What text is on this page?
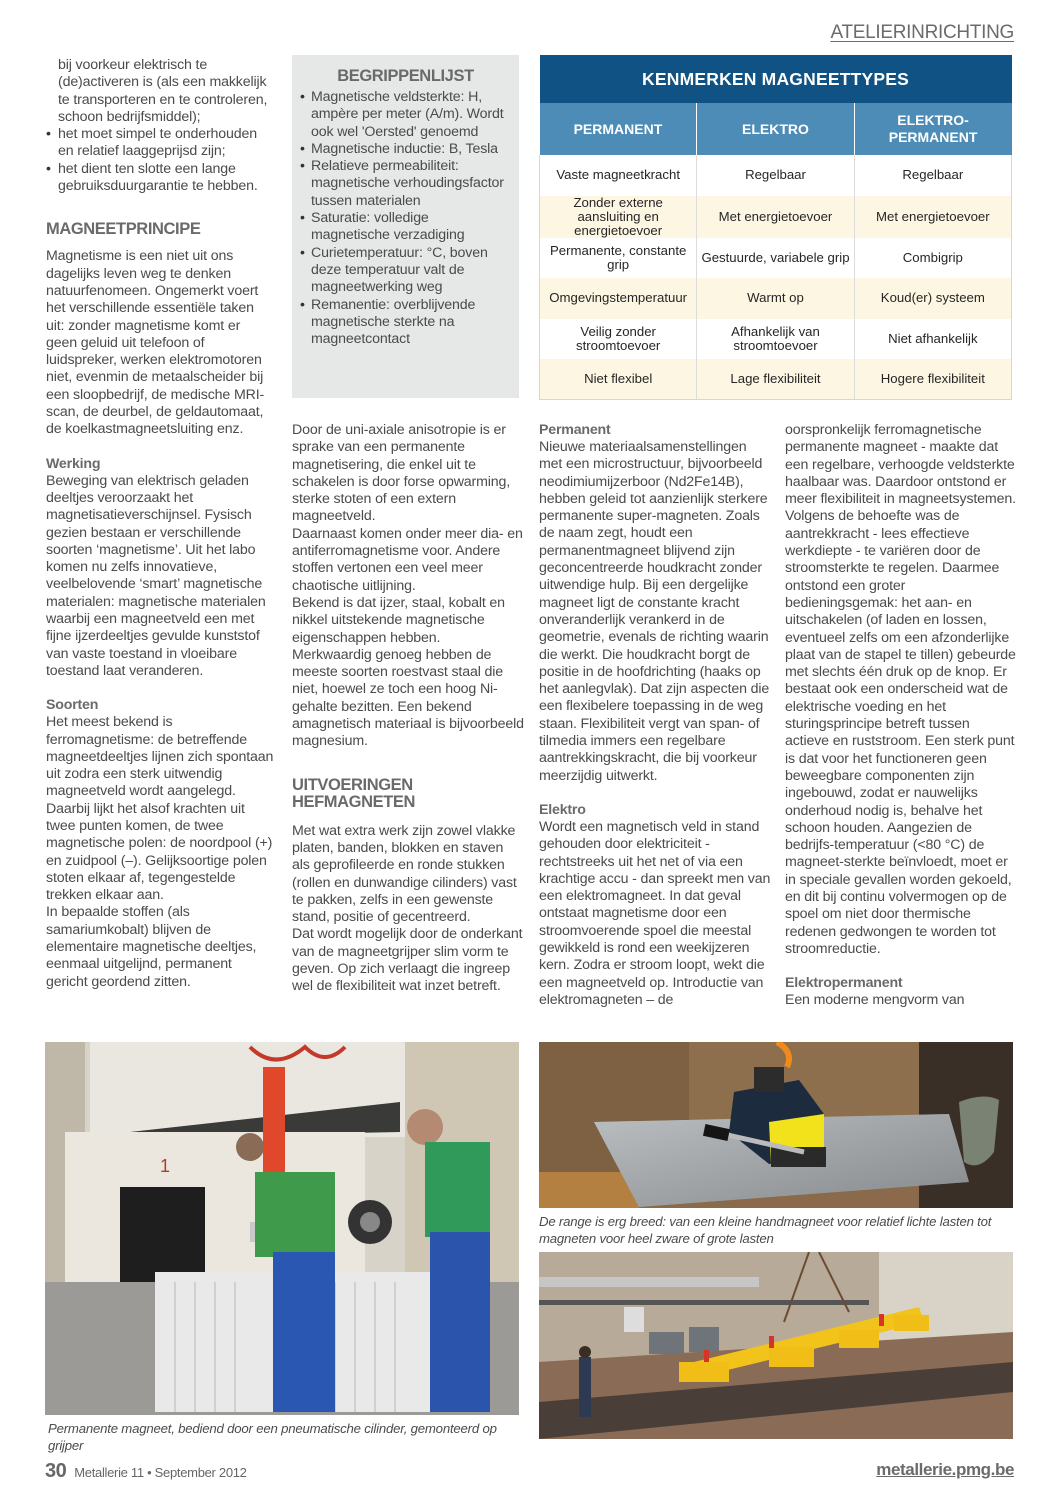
ATELIERINRICHTING

bij voorkeur elektrisch te (de)activeren is (als een makkelijk te transporteren en te controleren, schoon bedrijfsmiddel);

• het moet simpel te onderhouden en relatief laaggeprijsd zijn;
• het dient ten slotte een lange gebruiksduurgarantie te hebben.
MAGNEETPRINCIPE

Magnetisme is een niet uit ons dagelijks leven weg te denken natuurfenomeen. Ongemerkt voert het verschillende essentiële taken uit: zonder magnetisme komt er geen geluid uit telefoon of luidspreker, werken elektromotoren niet, evenmin de metaalscheider bij een sloopbedrijf, de medische MRI-scan, de deurbel, de geldautomaat, de koelkastmagneetsluiting enz.

Werking

Beweging van elektrisch geladen deeltjes veroorzaakt het magnetisatieverschijnsel. Fysisch gezien bestaan er verschillende soorten ‘magnetisme’. Uit het labo komen nu zelfs innovatieve, veelbelovende ‘smart’ magnetische materialen: magnetische materialen waarbij een magneetveld een met fijne ijzerdeeltjes gevulde kunststof van vaste toestand in vloeibare toestand laat veranderen.

Soorten

Het meest bekend is ferromagnetisme: de betreffende magneetdeeltjes lijnen zich spontaan uit zodra een sterk uitwendig magneetveld wordt aangelegd. Daarbij lijkt het alsof krachten uit twee punten komen, de twee magnetische polen: de noordpool (+) en zuidpool (–). Gelijksoortige polen stoten elkaar af, tegengestelde trekken elkaar aan.

In bepaalde stoffen (als samariumkobalt) blijven de elementaire magnetische deeltjes, eenmaal uitgelijnd, permanent gericht geordend zitten.

BEGRIPPENLIJST
• Magnetische veldsterkte: H, ampère per meter (A/m). Wordt ook wel 'Oersted' genoemd
• Magnetische inductie: B, Tesla
• Relatieve permeabiliteit: magnetische verhoudingsfactor tussen materialen
• Saturatie: volledige magnetische verzadiging
• Curietemperatuur: °C, boven deze temperatuur valt de magneetwerking weg
• Remanentie: overblijvende magnetische sterkte na magneetcontact
KENMERKEN MAGNEETTYPES		
PERMANENT	ELEKTRO	ELEKTRO-
PERMANENT
Vaste magneetkracht	Regelbaar	Regelbaar
Zonder externe aansluiting en energietoevoer	Met energietoevoer	Met energietoevoer
Permanente, constante grip	Gestuurde, variabele grip	Combigrip
Omgevingstemperatuur	Warmt op	Koud(er) systeem
Veilig zonder stroomtoevoer	Afhankelijk van stroomtoevoer	Niet afhankelijk
Niet flexibel	Lage flexibiliteit	Hogere flexibiliteit

Door de uni-axiale anisotropie is er sprake van een permanente magnetisering, die enkel uit te schakelen is door forse opwarming, sterke stoten of een extern magneetveld.

Daarnaast komen onder meer dia- en antiferromagnetisme voor. Andere stoffen vertonen een veel meer chaotische uitlijning.

Bekend is dat ijzer, staal, kobalt en nikkel uitstekende magnetische eigenschappen hebben.

Merkwaardig genoeg hebben de meeste soorten roestvast staal die niet, hoewel ze toch een hoog Ni-gehalte bezitten. Een bekend amagnetisch materiaal is bijvoorbeeld magnesium.

UITVOERINGEN HEFMAGNETEN

Met wat extra werk zijn zowel vlakke platen, banden, blokken en staven als geprofileerde en ronde stukken (rollen en dunwandige cilinders) vast te pakken, zelfs in een gewenste stand, positie of gecentreerd.

Dat wordt mogelijk door de onderkant van de magneetgrijper slim vorm te geven. Op zich verlaagt die ingreep wel de flexibiliteit wat inzet betreft.

Permanent

Nieuwe materiaalsamenstellingen met een microstructuur, bijvoorbeeld neodimiumijzerboor (Nd2Fe14B), hebben geleid tot aanzienlijk sterkere permanente super-magneten. Zoals de naam zegt, houdt een permanentmagneet blijvend zijn geconcentreerde houdkracht zonder uitwendige hulp. Bij een dergelijke magneet ligt de constante kracht onveranderlijk verankerd in de geometrie, evenals de richting waarin die werkt. Die houdkracht borgt de positie in de hoofdrichting (haaks op het aanlegvlak). Dat zijn aspecten die een flexibelere toepassing in de weg staan. Flexibiliteit vergt van span- of tilmedia immers een regelbare aantrekkingskracht, die bij voorkeur meerzijdig uitwerkt.

Elektro

Wordt een magnetisch veld in stand gehouden door elektriciteit - rechtstreeks uit het net of via een krachtige accu - dan spreekt men van een elektromagneet. In dat geval ontstaat magnetisme door een stroomvoerende spoel die meestal gewikkeld is rond een weekijzeren kern. Zodra er stroom loopt, wekt die een magneetveld op. Introductie van elektromagneten – de

oorspronkelijk ferromagnetische permanente magneet - maakte dat een regelbare, verhoogde veldsterkte haalbaar was. Daardoor ontstond er meer flexibiliteit in magneetsystemen. Volgens de behoefte was de aantrekkracht - lees effectieve werkdiepte - te variëren door de stroomsterkte te regelen. Daarmee ontstond een groter bedieningsgemak: het aan- en uitschakelen (of laden en lossen, eventueel zelfs om een afzonderlijke plaat van de stapel te tillen) gebeurde met slechts één druk op de knop. Er bestaat ook een onderscheid wat de elektrische voeding en het sturingsprincipe betreft tussen actieve en ruststroom. Een sterk punt is dat voor het functioneren geen beweegbare componenten zijn ingebouwd, zodat er nauwelijks onderhoud nodig is, behalve het schoon houden. Aangezien de bedrijfs-temperatuur (<80 °C) de magneet-sterkte beïnvloedt, moet er in speciale gevallen worden gekoeld, en dit bij continu volvermogen op de spoel om niet door thermische redenen gedwongen te worden tot stroomreductie.

Elektropermanent

Een moderne mengvorm van

1
Permanente magneet, bediend door een pneumatische cilinder, gemonteerd op grijper
De range is erg breed: van een kleine handmagneet voor relatief lichte lasten tot magneten voor heel zware of grote lasten
30 Metallerie 11 • September 2012	metallerie.pmg.be
